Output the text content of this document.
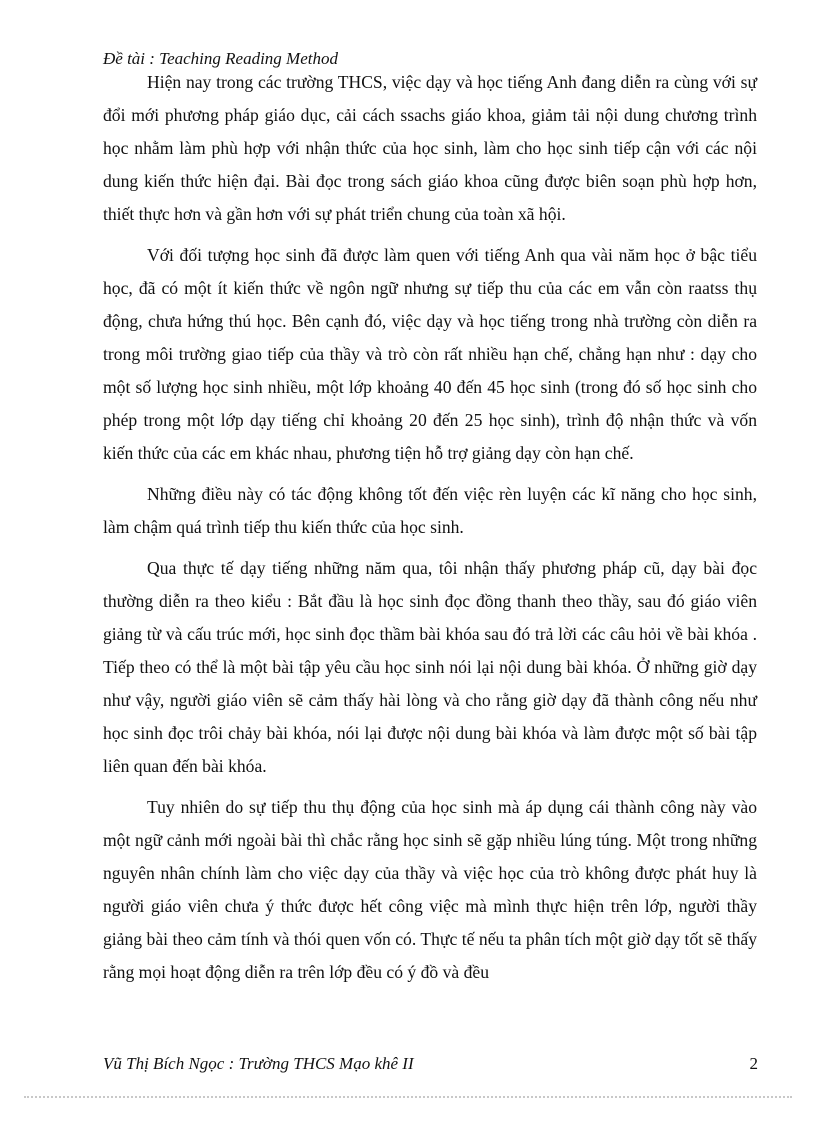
Đề tài : Teaching Reading Method

Hiện nay trong các trường THCS, việc dạy và học tiếng Anh đang diễn ra cùng với sự đổi mới phương pháp giáo dục, cải cách ssachs giáo khoa, giảm tải nội dung chương trình học nhằm làm phù hợp với nhận thức của học sinh, làm cho học sinh tiếp cận với các nội dung kiến thức hiện đại. Bài đọc trong sách giáo khoa cũng được biên soạn phù hợp hơn, thiết thực hơn và gần hơn với sự phát triển chung của toàn xã hội.

Với đối tượng học sinh đã được làm quen với tiếng Anh qua vài năm học ở bậc tiểu học, đã có một ít kiến thức về ngôn ngữ nhưng sự tiếp thu của các em vẫn còn raatss thụ động, chưa hứng thú học. Bên cạnh đó, việc dạy và học tiếng trong nhà trường còn diễn ra trong môi trường giao tiếp của thầy và trò còn rất nhiều hạn chế, chẳng hạn như : dạy cho một số lượng học sinh nhiều, một lớp khoảng 40 đến 45 học sinh (trong đó số học sinh cho phép trong một lớp dạy tiếng chỉ khoảng 20 đến 25 học sinh), trình độ nhận thức và vốn kiến thức của các em khác nhau, phương tiện hỗ trợ giảng dạy còn hạn chế.

Những điều này có tác động không tốt đến việc rèn luyện các kĩ năng cho học sinh, làm chậm quá trình tiếp thu kiến thức của học sinh.

Qua thực tế dạy tiếng những năm qua, tôi nhận thấy phương pháp cũ, dạy bài đọc thường diễn ra theo kiểu : Bắt đầu là học sinh đọc đồng thanh theo thầy, sau đó giáo viên giảng từ và cấu trúc mới, học sinh đọc thầm bài khóa sau đó trả lời các câu hỏi về bài khóa . Tiếp theo có thể là một bài tập yêu cầu học sinh nói lại nội dung bài khóa. Ở những giờ dạy như vậy, người giáo viên sẽ cảm thấy hài lòng và cho rằng giờ dạy đã thành công nếu như học sinh đọc trôi chảy bài khóa, nói lại được nội dung bài khóa và làm được một số bài tập liên quan đến bài khóa.

Tuy nhiên do sự tiếp thu thụ động của học sinh mà áp dụng cái thành công này vào một ngữ cảnh mới ngoài bài thì chắc rằng học sinh sẽ gặp nhiều lúng túng. Một trong những nguyên nhân chính làm cho việc dạy của thầy và việc học của trò không được phát huy là người giáo viên chưa ý thức được hết công việc mà mình thực hiện trên lớp, người thầy giảng bài theo cảm tính và thói quen vốn có. Thực tế nếu ta phân tích một giờ dạy tốt sẽ thấy rằng mọi hoạt động diễn ra trên lớp đều có ý đồ và đều

Vũ Thị Bích Ngọc : Trường THCS Mạo khê II	2
